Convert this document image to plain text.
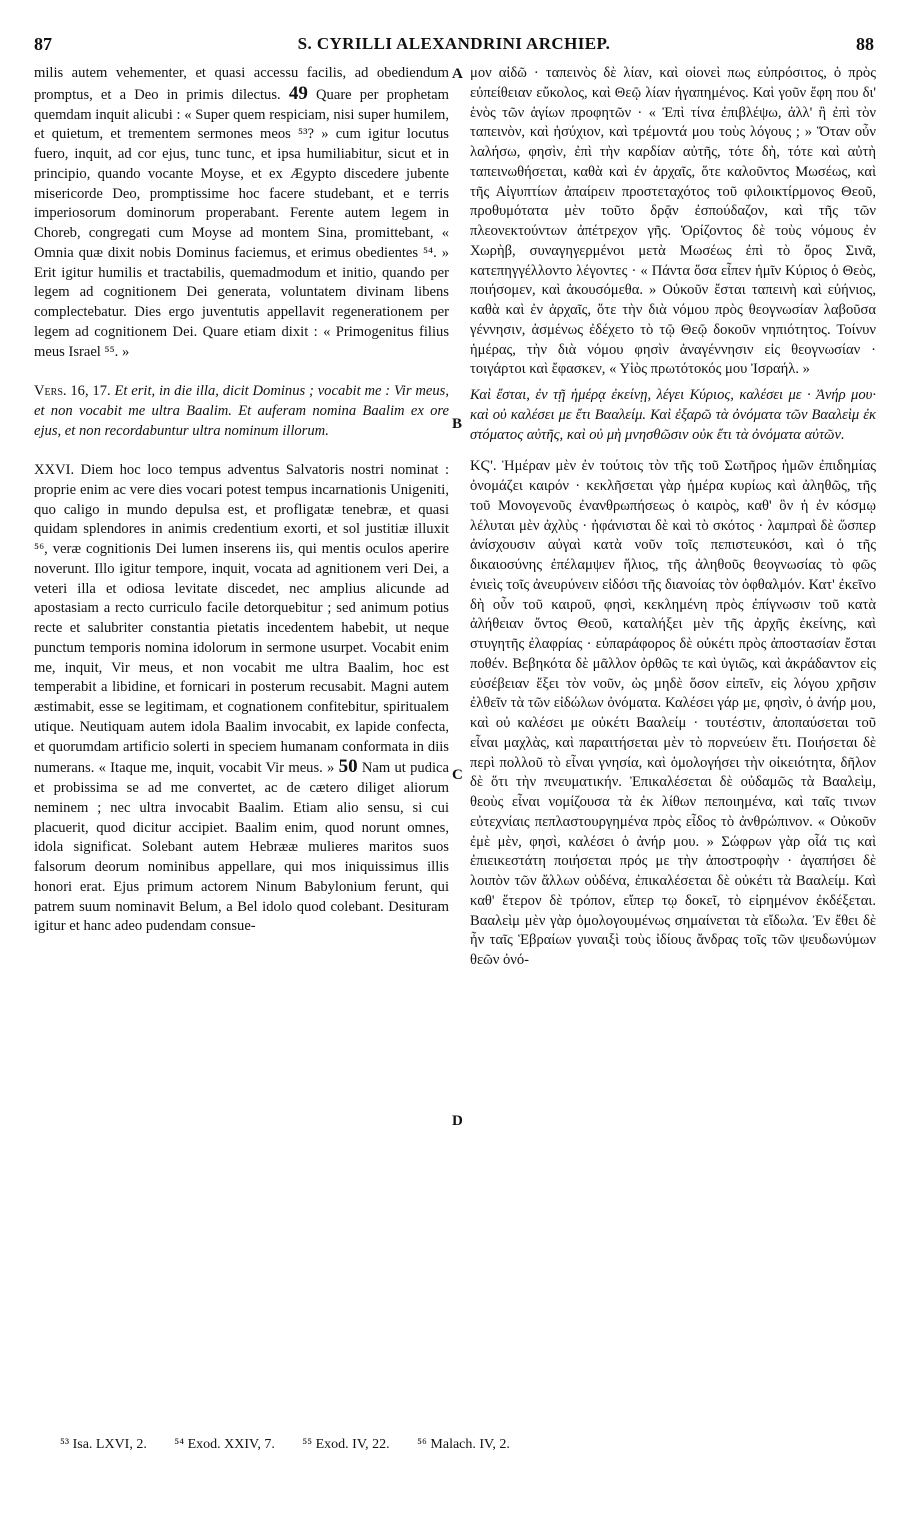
87	S. CYRILLI ALEXANDRINI ARCHIEP.	88

milis autem vehementer, et quasi accessu facilis, ad obediendum promptus, et a Deo in primis dilectus. 49 Quare per prophetam quemdam inquit alicubi : « Super quem respiciam, nisi super humilem, et quietum, et trementem sermones meos ⁵³? » cum igitur locutus fuero, inquit, ad cor ejus, tunc tunc, et ipsa humiliabitur, sicut et in principio, quando vocante Moyse, et ex Ægypto discedere jubente misericorde Deo, promptissime hoc facere studebant, et e terris imperiosorum dominorum properabant. Ferente autem legem in Choreb, congregati cum Moyse ad montem Sina, promittebant, « Omnia quæ dixit nobis Dominus faciemus, et erimus obedientes ⁵⁴. » Erit igitur humilis et tractabilis, quemadmodum et initio, quando per legem ad cognitionem Dei generata, voluntatem divinam libens complectebatur. Dies ergo juventutis appellavit regenerationem per legem ad cognitionem Dei. Quare etiam dixit : « Primogenitus filius meus Israel ⁵⁵. »

Vers. 16, 17. Et erit, in die illa, dicit Dominus ; vocabit me : Vir meus, et non vocabit me ultra Baalim. Et auferam nomina Baalim ex ore ejus, et non recordabuntur ultra nominum illorum.

XXVI. Diem hoc loco tempus adventus Salvatoris nostri nominat : proprie enim ac vere dies vocari potest tempus incarnationis Unigeniti, quo caligo in mundo depulsa est, et profligatæ tenebræ, et quasi quidam splendores in animis credentium exorti, et sol justitiæ illuxit ⁵⁶, veræ cognitionis Dei lumen inserens iis, qui mentis oculos aperire noverunt. Illo igitur tempore, inquit, vocata ad agnitionem veri Dei, a veteri illa et odiosa levitate discedet, nec amplius alicunde ad apostasiam a recto curriculo facile detorquebitur ; sed animum potius recte et salubriter constantia pietatis incedentem habebit, ut neque punctum temporis nomina idolorum in sermone usurpet. Vocabit enim me, inquit, Vir meus, et non vocabit me ultra Baalim, hoc est temperabit a libidine, et fornicari in posterum recusabit. Magni autem æstimabit, esse se legitimam, et cognationem confitebitur, spiritualem utique. Neutiquam autem idola Baalim invocabit, ex lapide confecta, et quorumdam artificio solerti in speciem humanam conformata in diis numerans. « Itaque me, inquit, vocabit Vir meus. » 50 Nam ut pudica et probissima se ad me convertet, ac de cætero diliget aliorum neminem ; nec ultra invocabit Baalim. Etiam alio sensu, si cui placuerit, quod dicitur accipiet. Baalim enim, quod norunt omnes, idola significat. Solebant autem Hebrææ mulieres maritos suos falsorum deorum nominibus appellare, qui mos iniquissimus illis honori erat. Ejus primum actorem Ninum Babylonium ferunt, qui patrem suum nominavit Belum, a Bel idolo quod colebant. Desituram igitur et hanc adeo pudendam consue-

A
B
C
D

μον αἰδῶ · ταπεινὸς δὲ λίαν, καὶ οἱονεὶ πως εὐπρόσιτος, ὁ πρὸς εὐπείθειαν εὔκολος, καὶ Θεῷ λίαν ἠγαπημένος. Καὶ γοῦν ἔφη που δι' ἑνὸς τῶν ἁγίων προφητῶν · « Ἐπὶ τίνα ἐπιβλέψω, ἀλλ' ἢ ἐπὶ τὸν ταπεινὸν, καὶ ἡσύχιον, καὶ τρέμοντά μου τοὺς λόγους ; » Ὅταν οὖν λαλήσω, φησὶν, ἐπὶ τὴν καρδίαν αὐτῆς, τότε δὴ, τότε καὶ αὐτὴ ταπεινωθήσεται, καθὰ καὶ ἐν ἀρχαῖς, ὅτε καλοῦντος Μωσέως, καὶ τῆς Αἰγυπτίων ἀπαίρειν προστεταχότος τοῦ φιλοικτίρμονος Θεοῦ, προθυμότατα μὲν τοῦτο δρᾷν ἐσπούδαζον, καὶ τῆς τῶν πλεονεκτούντων ἀπέτρεχον γῆς. Ὁρίζοντος δὲ τοὺς νόμους ἐν Χωρὴβ, συναγηγερμένοι μετὰ Μωσέως ἐπὶ τὸ ὄρος Σινᾶ, κατεπηγγέλλοντο λέγοντες · « Πάντα ὅσα εἶπεν ἡμῖν Κύριος ὁ Θεὸς, ποιήσομεν, καὶ ἀκουσόμεθα. » Οὐκοῦν ἔσται ταπεινὴ καὶ εὐήνιος, καθὰ καὶ ἐν ἀρχαῖς, ὅτε τὴν διὰ νόμου πρὸς θεογνωσίαν λαβοῦσα γέννησιν, ἀσμένως ἐδέχετο τὸ τῷ Θεῷ δοκοῦν νηπιότητος. Τοίνυν ἡμέρας, τὴν διὰ νόμου φησὶν ἀναγέννησιν εἰς θεογνωσίαν · τοιγάρτοι καὶ ἔφασκεν, « Υἱὸς πρωτότοκός μου Ἰσραήλ. »

Καὶ ἔσται, ἐν τῇ ἡμέρᾳ ἐκείνῃ, λέγει Κύριος, καλέσει με · Ἀνήρ μου· καὶ οὐ καλέσει με ἔτι Βααλείμ. Καὶ ἐξαρῶ τὰ ὀνόματα τῶν Βααλεὶμ ἐκ στόματος αὐτῆς, καὶ οὐ μὴ μνησθῶσιν οὐκ ἔτι τὰ ὀνόματα αὐτῶν.

ΚϚ'. Ἡμέραν μὲν ἐν τούτοις τὸν τῆς τοῦ Σωτῆρος ἡμῶν ἐπιδημίας ὀνομάζει καιρόν · κεκλῆσεται γὰρ ἡμέρα κυρίως καὶ ἀληθῶς, τῆς τοῦ Μονογενοῦς ἐνανθρωπήσεως ὁ καιρὸς, καθ' ὃν ἡ ἐν κόσμῳ λέλυται μὲν ἀχλὺς · ἠφάνισται δὲ καὶ τὸ σκότος · λαμπραὶ δὲ ὥσπερ ἀνίσχουσιν αὐγαὶ κατὰ νοῦν τοῖς πεπιστευκόσι, καὶ ὁ τῆς δικαιοσύνης ἐπέλαμψεν ἥλιος, τῆς ἀληθοῦς θεογνωσίας τὸ φῶς ἐνιεὶς τοῖς ἀνευρύνειν εἰδόσι τῆς διανοίας τὸν ὀφθαλμόν. Κατ' ἐκεῖνο δὴ οὖν τοῦ καιροῦ, φησὶ, κεκλημένη πρὸς ἐπίγνωσιν τοῦ κατὰ ἀλήθειαν ὄντος Θεοῦ, καταλήξει μὲν τῆς ἀρχῆς ἐκείνης, καὶ στυγητῆς ἐλαφρίας · εὐπαράφορος δὲ οὐκέτι πρὸς ἀποστασίαν ἔσται ποθέν. Βεβηκότα δὲ μᾶλλον ὀρθῶς τε καὶ ὑγιῶς, καὶ ἀκράδαντον εἰς εὐσέβειαν ἕξει τὸν νοῦν, ὡς μηδὲ ὅσον εἰπεῖν, εἰς λόγου χρῆσιν ἐλθεῖν τὰ τῶν εἰδώλων ὀνόματα. Καλέσει γάρ με, φησὶν, ὁ ἀνήρ μου, καὶ οὐ καλέσει με οὐκέτι Βααλείμ · τουτέστιν, ἀποπαύσεται τοῦ εἶναι μαχλὰς, καὶ παραιτήσεται μὲν τὸ πορνεύειν ἔτι. Ποιήσεται δὲ περὶ πολλοῦ τὸ εἶναι γνησία, καὶ ὁμολογήσει τὴν οἰκειότητα, δῆλον δὲ ὅτι τὴν πνευματικήν. Ἐπικαλέσεται δὲ οὐδαμῶς τὰ Βααλεὶμ, θεοὺς εἶναι νομίζουσα τὰ ἐκ λίθων πεποιημένα, καὶ ταῖς τινων εὐτεχνίαις πεπλαστουργημένα πρὸς εἶδος τὸ ἀνθρώπινον. « Οὐκοῦν ἐμὲ μὲν, φησὶ, καλέσει ὁ ἀνήρ μου. » Σώφρων γὰρ οἷά τις καὶ ἐπιεικεστάτη ποιήσεται πρός με τὴν ἀποστροφὴν · ἀγαπήσει δὲ λοιπὸν τῶν ἄλλων οὐδένα, ἐπικαλέσεται δὲ οὐκέτι τὰ Βααλείμ. Καὶ καθ' ἕτερον δὲ τρόπον, εἴπερ τῳ δοκεῖ, τὸ εἰρημένον ἐκδέξεται. Βααλεὶμ μὲν γὰρ ὁμολογουμένως σημαίνεται τὰ εἴδωλα. Ἐν ἔθει δὲ ἦν ταῖς Ἑβραίων γυναιξὶ τοὺς ἰδίους ἄνδρας τοῖς τῶν ψευδωνύμων θεῶν ὀνό-

⁵³ Isa. LXVI, 2. ⁵⁴ Exod. XXIV, 7. ⁵⁵ Exod. IV, 22. ⁵⁶ Malach. IV, 2.
